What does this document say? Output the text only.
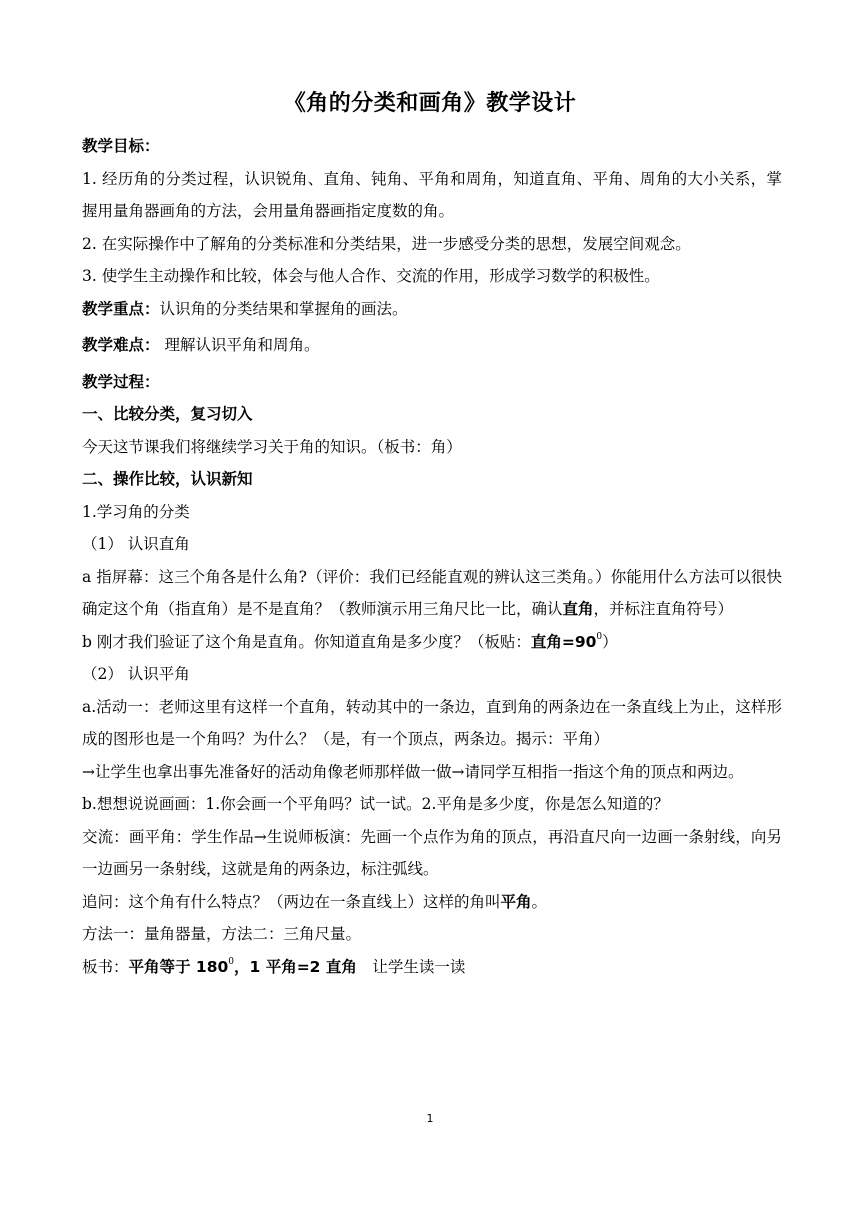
《角的分类和画角》教学设计

教学目标：

1. 经历角的分类过程，认识锐角、直角、钝角、平角和周角，知道直角、平角、周角的大小关系，掌握用量角器画角的方法，会用量角器画指定度数的角。

2. 在实际操作中了解角的分类标准和分类结果，进一步感受分类的思想，发展空间观念。

3. 使学生主动操作和比较，体会与他人合作、交流的作用，形成学习数学的积极性。

教学重点：认识角的分类结果和掌握角的画法。

教学难点： 理解认识平角和周角。

教学过程：

一、比较分类，复习切入

今天这节课我们将继续学习关于角的知识。（板书：角）

二、操作比较，认识新知

1.学习角的分类

（1） 认识直角

a 指屏幕：这三个角各是什么角?（评价：我们已经能直观的辨认这三类角。）你能用什么方法可以很快确定这个角（指直角）是不是直角？（教师演示用三角尺比一比，确认直角，并标注直角符号）

b 刚才我们验证了这个角是直角。你知道直角是多少度？（板贴：直角$=90^0$）

（2） 认识平角

a.活动一：老师这里有这样一个直角，转动其中的一条边，直到角的两条边在一条直线上为止，这样形成的图形也是一个角吗？为什么？（是，有一个顶点，两条边。揭示：平角）

→让学生也拿出事先准备好的活动角像老师那样做一做→请同学互相指一指这个角的顶点和两边。

b.想想说说画画：1.你会画一个平角吗？试一试。2.平角是多少度，你是怎么知道的？

交流：画平角：学生作品→生说师板演：先画一个点作为角的顶点，再沿直尺向一边画一条射线，向另一边画另一条射线，这就是角的两条边，标注弧线。

追问：这个角有什么特点？（两边在一条直线上）这样的角叫平角。

方法一：量角器量，方法二：三角尺量。

板书：平角等于 $180^0$，1 平角=2 直角　让学生读一读

1
